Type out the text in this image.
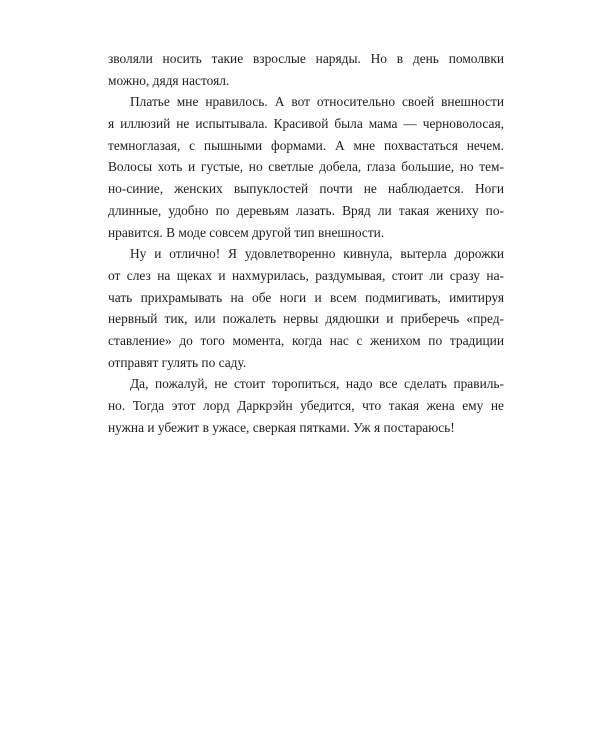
зволяли носить такие взрослые наряды. Но в день помолвки
можно, дядя настоял.

Платье мне нравилось. А вот относительно своей внешности
я иллюзий не испытывала. Красивой была мама — черноволосая,
темноглазая, с пышными формами. А мне похвастаться нечем.
Волосы хоть и густые, но светлые добела, глаза большие, но тем-
но-синие, женских выпуклостей почти не наблюдается. Ноги
длинные, удобно по деревьям лазать. Вряд ли такая жениху по-
нравится. В моде совсем другой тип внешности.

Ну и отлично! Я удовлетворенно кивнула, вытерла дорожки
от слез на щеках и нахмурилась, раздумывая, стоит ли сразу на-
чать прихрамывать на обе ноги и всем подмигивать, имитируя
нервный тик, или пожалеть нервы дядюшки и приберечь «пред-
ставление» до того момента, когда нас с женихом по традиции
отправят гулять по саду.

Да, пожалуй, не стоит торопиться, надо все сделать правиль-
но. Тогда этот лорд Даркрэйн убедится, что такая жена ему не
нужна и убежит в ужасе, сверкая пятками. Уж я постараюсь!
